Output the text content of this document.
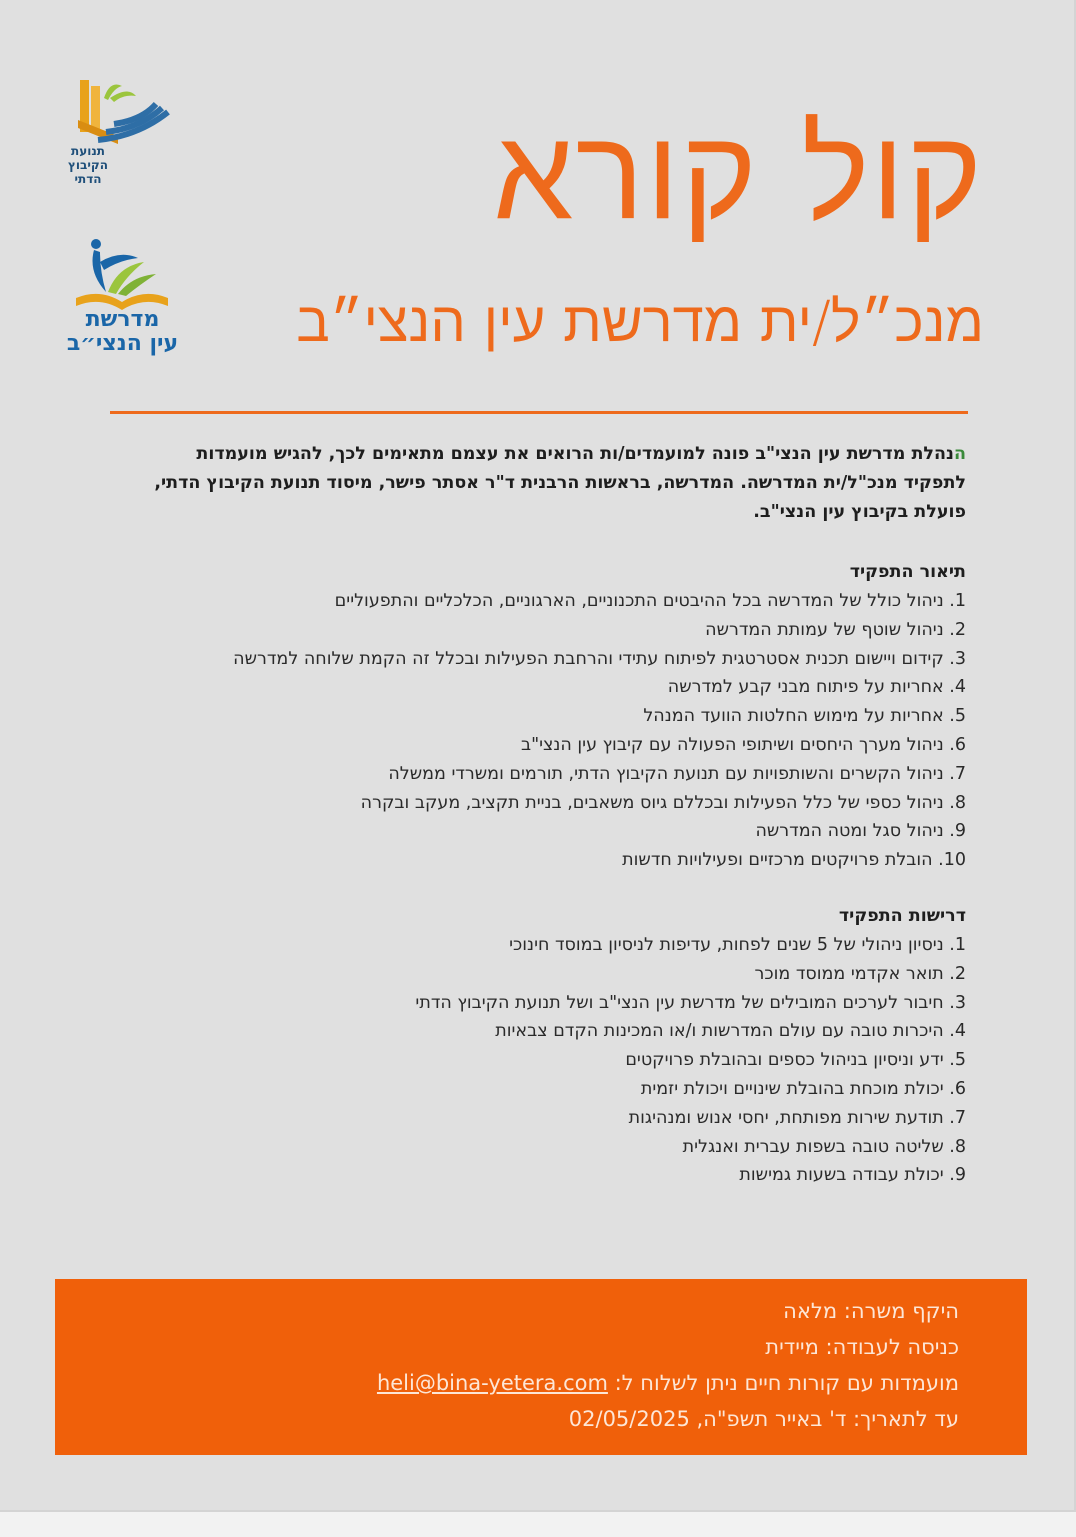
תנועת
הקיבוץ
הדתי
מדרשת
עין הנצי״ב
קול קורא
מנכ״ל/ית מדרשת עין הנצי״ב
הנהלת מדרשת עין הנצי"ב פונה למועמדים/ות הרואים את עצמם מתאימים לכך, להגיש מועמדות לתפקיד מנכ"ל/ית המדרשה. המדרשה, בראשות הרבנית ד"ר אסתר פישר, מיסוד תנועת הקיבוץ הדתי, פועלת בקיבוץ עין הנצי"ב.
תיאור התפקיד
1. ניהול כולל של המדרשה בכל ההיבטים התכנוניים, הארגוניים, הכלכליים והתפעוליים
2. ניהול שוטף של עמותת המדרשה
3. קידום ויישום תכנית אסטרטגית לפיתוח עתידי והרחבת הפעילות ובכלל זה הקמת שלוחה למדרשה
4. אחריות על פיתוח מבני קבע למדרשה
5. אחריות על מימוש החלטות הוועד המנהל
6. ניהול מערך היחסים ושיתופי הפעולה עם קיבוץ עין הנצי"ב
7. ניהול הקשרים והשותפויות עם תנועת הקיבוץ הדתי, תורמים ומשרדי ממשלה
8. ניהול כספי של כלל הפעילות ובכללם גיוס משאבים, בניית תקציב, מעקב ובקרה
9. ניהול סגל ומטה המדרשה
10. הובלת פרויקטים מרכזיים ופעילויות חדשות
דרישות התפקיד
1. ניסיון ניהולי של 5 שנים לפחות, עדיפות לניסיון במוסד חינוכי
2. תואר אקדמי ממוסד מוכר
3. חיבור לערכים המובילים של מדרשת עין הנצי"ב ושל תנועת הקיבוץ הדתי
4. היכרות טובה עם עולם המדרשות ו/או המכינות הקדם צבאיות
5. ידע וניסיון בניהול כספים ובהובלת פרויקטים
6. יכולת מוכחת בהובלת שינויים ויכולת יזמית
7. תודעת שירות מפותחת, יחסי אנוש ומנהיגות
8. שליטה טובה בשפות עברית ואנגלית
9. יכולת עבודה בשעות גמישות
היקף משרה: מלאה
כניסה לעבודה: מיידית
מועמדות עם קורות חיים ניתן לשלוח ל: heli@bina-yetera.com
עד לתאריך: ד' באייר תשפ"ה, 02/05/2025
